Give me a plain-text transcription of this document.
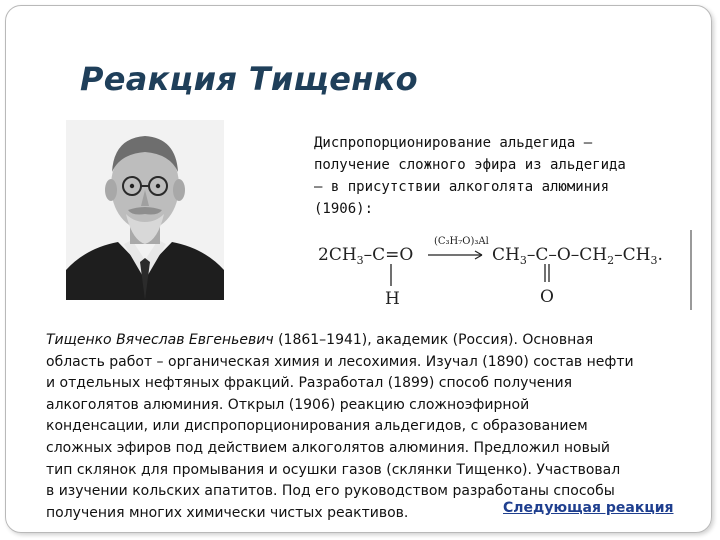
Реакция Тищенко
Диспропорционирование альдегида –
получение сложного эфира из альдегида
– в присутствии алкоголята алюминия
(1906):
$2CH_3-C=O$
H
(C₃H₇O)₃Al
$CH_3-C-O-CH_2-CH_3$.
O
Тищенко Вячеслав Евгеньевич (1861–1941), академик (Россия). Основная
область работ – органическая химия и лесохимия. Изучал (1890) состав нефти
и отдельных нефтяных фракций. Разработал (1899) способ получения
алкоголятов алюминия. Открыл (1906) реакцию сложноэфирной
конденсации, или диспропорционирования альдегидов, с образованием
сложных эфиров под действием алкоголятов алюминия. Предложил новый
тип склянок для промывания и осушки газов (склянки Тищенко). Участвовал
в изучении кольских апатитов. Под его руководством разработаны способы
получения многих химически чистых реактивов.	Следующая реакция
